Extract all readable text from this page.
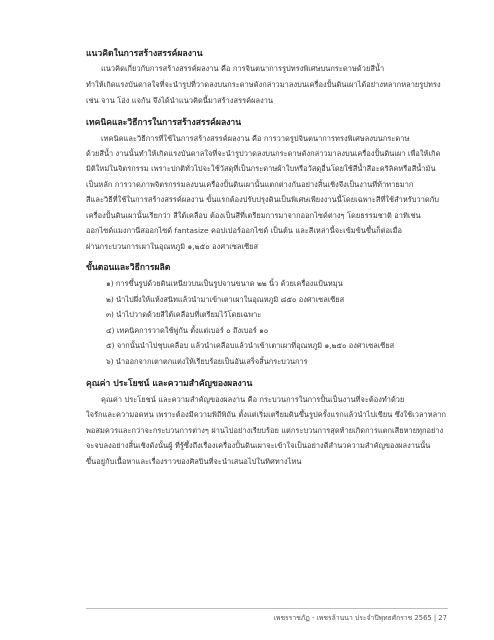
แนวคิดในการสร้างสรรค์ผลงาน
แนวคิดเกี่ยวกับการสร้างสรรค์ผลงาน คือ การจินตนาการรูปทรงพิเศษบนกระดาษด้วยสีน้ำ
ทำให้เกิดแรงบันดาลใจที่จะนำรูปที่วาดลงบนกระดาษดังกล่าวมาลงบนเครื่องปั้นดินเผาได้อย่างหลากหลายรูปทรง
เช่น จาน โอ่ง แจกัน จึงได้นำแนวคิดนี้มาสร้างสรรค์ผลงาน
เทคนิคและวิธีการในการสร้างสรรค์ผลงาน
เทคนิคและวิธีการที่ใช้ในการสร้างสรรค์ผลงาน คือ การวาดรูปจินตนาการทรงพิเศษลงบนกระดาษ
ด้วยสีน้ำ งานนั้นทำให้เกิดแรงบันดาลใจที่จะนำรูปวาดลงบนกระดาษดังกล่าวมาลงบนเครื่องปั้นดินเผา เพื่อให้เกิด
มิติใหม่ในจิตรกรรม เพราะปกติทั่วไปจะใช้วัสดุที่เป็นกระดาษผ้าใบหรือวัสดุอื่นโดยใช้สีน้ำสีอะคริลิคหรือสีน้ำมัน
เป็นหลัก การวาดภาพจิตรกรรมลงบนเครื่องปั้นดินเผานั้นแตกต่างกันอย่างสิ้นเชิงจึงเป็นงานที่ท้าทายมาก
สีและวิธีที่ใช้ในการสร้างสรรค์ผลงาน ขั้นแรกต้องปรับปรุงดินเป็นพิเศษเพียงงานนี้โดยเฉพาะสีที่ใช้สำหรับวาดกับ
เครื่องปั้นดินเผานั้นเรียกว่า สีใต้เคลือบ ต้องเป็นสีที่เตรียมการมาจากออกไซด์ต่างๆ โดยธรรมชาติ อาทิเช่น
ออกไซด์แมงกานีสออกไซด์ fantasize คอปเปอร์ออกไซด์ เป็นต้น และสีเหล่านี้จะเข้มข้นขึ้นก็ต่อเมื่อ
ผ่านกระบวนการเผาในอุณหภูมิ ๑,๒๕๐ องศาเซลเซียส
ขั้นตอนและวิธีการผลิต
๑) การขึ้นรูปด้วยดินเหนียวบนเป็นรูปจานขนาด ๒๒ นิ้ว ด้วยเครื่องแป้นหมุน
๒) นำไปผึ่งให้แห้งสนิทแล้วนำมาเข้าเตาเผาในอุณหภูมิ ๘๕๐ องศาเซลเซียส
๓) นำไปวาดด้วยสีใต้เคลือบที่เตรียมไว้โดยเฉพาะ
๔) เทคนิคการวาดใช้พู่กัน ตั้งแต่เบอร์ ๐ ถึงเบอร์ ๑๐
๕) จากนั้นนำไปชุบเคลือบ แล้วนำเคลือบแล้วนำเข้าเตาเผาที่อุณหภูมิ ๑,๒๕๐ องศาเซลเซียส
๖) นำออกจากเตาตกแต่งให้เรียบร้อยเป็นอันเสร็จสิ้นกระบวนการ
คุณค่า ประโยชน์ และความสำคัญของผลงาน
คุณค่า ประโยชน์ และความสำคัญของผลงาน คือ กระบวนการในการปั้นเป็นงานที่จะต้องทำด้วย
ใจรักและความอดทน เพราะต้องมีความพิถีพิถัน ตั้งแต่เริ่มเตรียมดินขึ้นรูปครั้งแรกแล้วนำไปเขียน ซึ่งใช้เวลาหลาก
พอสมควรและกว่าจะกระบวนการต่างๆ ผ่านไปอย่างเรียบร้อย แต่กระบวนการสุดท้ายเกิดการแตกเสียหายทุกอย่าง
จะจบลงอย่างสิ้นเชิงดังนั้นผู้ ที่รู้ซึ้งถึงเรื่องเครื่องปั้นดินเผาจะเข้าใจเป็นอย่างดีสำนวความสำคัญของผลงานนั้น
ขึ้นอยู่กับเนื้อหาและเรื่องราวของศิลปินที่จะนำเสนอไปในทิศทางไหน
เพชรราชภัฏ - เพชรล้านนา ประจำปีพุทธศักราช 2565 | 27
